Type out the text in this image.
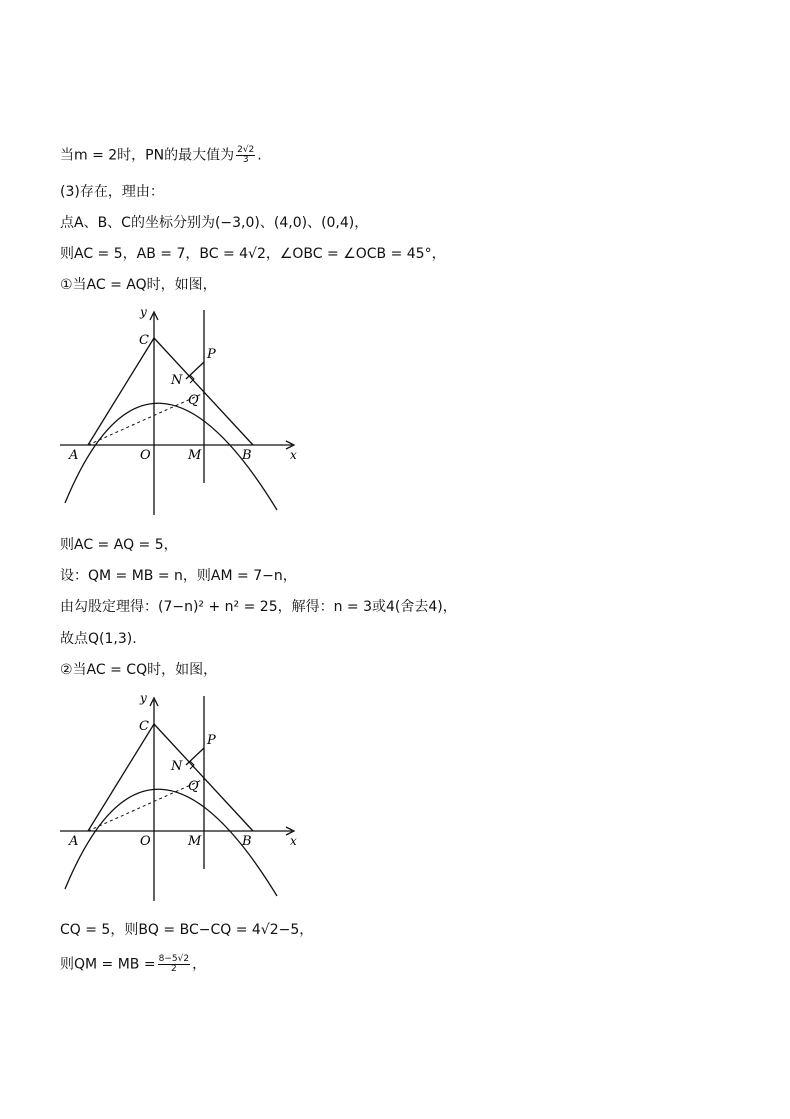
当m = 2时，PN的最大值为 $\frac{2√2}{3}$ .
(3)存在，理由：
点A、B、C的坐标分别为(−3,0)、(4,0)、(0,4)，
则AC = 5，AB = 7，BC = 4√2，∠OBC = ∠OCB = 45°，
①当AC = AQ时，如图，
y
C
P
N
Q
A	O	M	B	x
则AC = AQ = 5，
设：QM = MB = n，则AM = 7−n，
由勾股定理得：(7−n)² + n² = 25，解得：n = 3或4(舍去4)，
故点Q(1,3).
②当AC = CQ时，如图，
y
C
P
N
Q
A	O	M	B	x
CQ = 5，则BQ = BC−CQ = 4√2−5，
则QM = MB = $\frac{8-5√2}{2}$ ，
